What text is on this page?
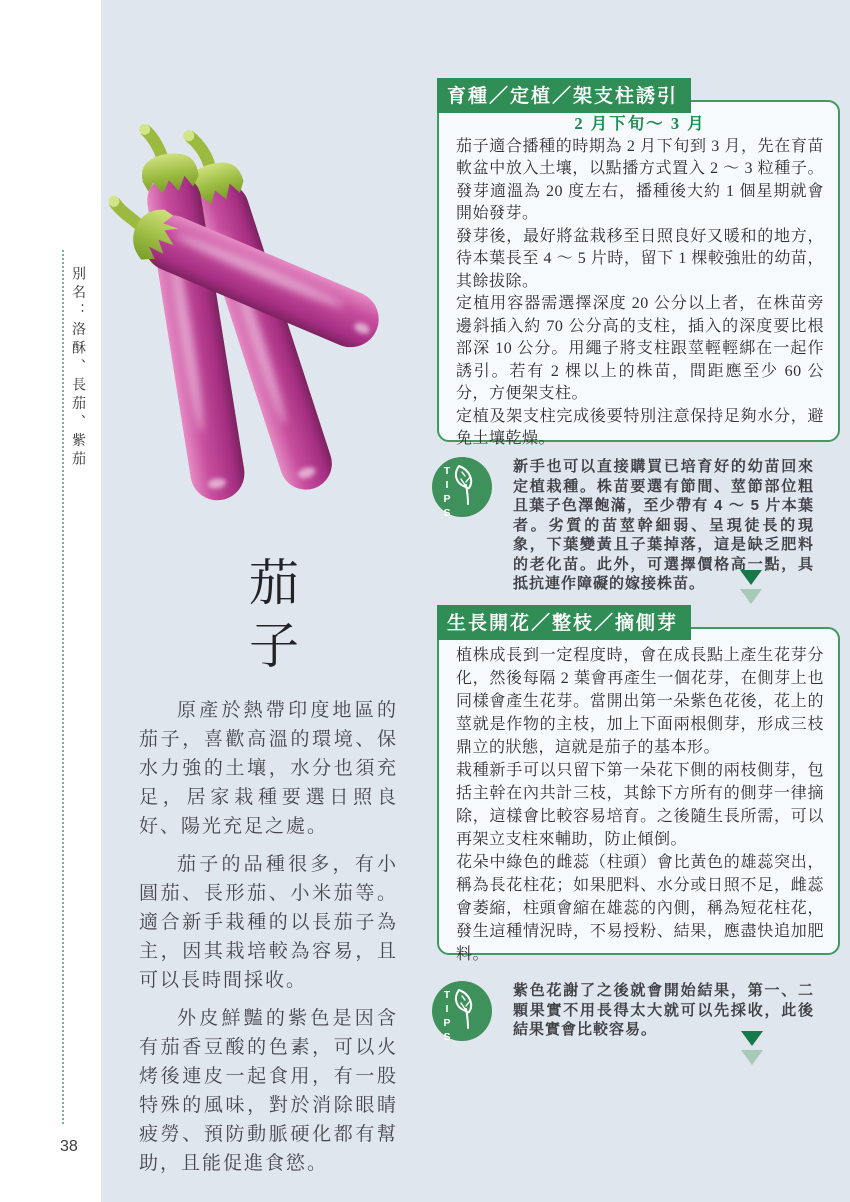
別名：洛酥、長茄、紫茄
茄子

原產於熱帶印度地區的茄子，喜歡高溫的環境、保水力強的土壤，水分也須充足，居家栽種要選日照良好、陽光充足之處。

茄子的品種很多，有小圓茄、長形茄、小米茄等。適合新手栽種的以長茄子為主，因其栽培較為容易，且可以長時間採收。

外皮鮮豔的紫色是因含有茄香豆酸的色素，可以火烤後連皮一起食用，有一股特殊的風味，對於消除眼睛疲勞、預防動脈硬化都有幫助，且能促進食慾。

育種／定植／架支柱誘引

2 月下旬～ 3 月

茄子適合播種的時期為 2 月下旬到 3 月，先在育苗軟盆中放入土壤，以點播方式置入 2 ～ 3 粒種子。發芽適溫為 20 度左右，播種後大約 1 個星期就會開始發芽。

發芽後，最好將盆栽移至日照良好又暖和的地方，待本葉長至 4 ～ 5 片時，留下 1 棵較強壯的幼苗，其餘拔除。

定植用容器需選擇深度 20 公分以上者，在株苗旁邊斜插入約 70 公分高的支柱，插入的深度要比根部深 10 公分。用繩子將支柱跟莖輕輕綁在一起作誘引。若有 2 棵以上的株苗，間距應至少 60 公分，方便架支柱。

定植及架支柱完成後要特別注意保持足夠水分，避免土壤乾燥。

TIPS	新手也可以直接購買已培育好的幼苗回來定植栽種。株苗要選有節間、莖節部位粗且葉子色澤飽滿，至少帶有 4 ～ 5 片本葉者。劣質的苗莖幹細弱、呈現徒長的現象，下葉變黃且子葉掉落，這是缺乏肥料的老化苗。此外，可選擇價格高一點，具抵抗連作障礙的嫁接株苗。
生長開花／整枝／摘側芽

植株成長到一定程度時，會在成長點上產生花芽分化，然後每隔 2 葉會再產生一個花芽，在側芽上也同樣會產生花芽。當開出第一朵紫色花後，花上的莖就是作物的主枝，加上下面兩根側芽，形成三枝鼎立的狀態，這就是茄子的基本形。

栽種新手可以只留下第一朵花下側的兩枝側芽，包括主幹在內共計三枝，其餘下方所有的側芽一律摘除，這樣會比較容易培育。之後隨生長所需，可以再架立支柱來輔助，防止傾倒。

花朵中綠色的雌蕊（柱頭）會比黃色的雄蕊突出，稱為長花柱花；如果肥料、水分或日照不足，雌蕊會萎縮，柱頭會縮在雄蕊的內側，稱為短花柱花，發生這種情況時，不易授粉、結果，應盡快追加肥料。

TIPS	紫色花謝了之後就會開始結果，第一、二顆果實不用長得太大就可以先採收，此後結果實會比較容易。
38
